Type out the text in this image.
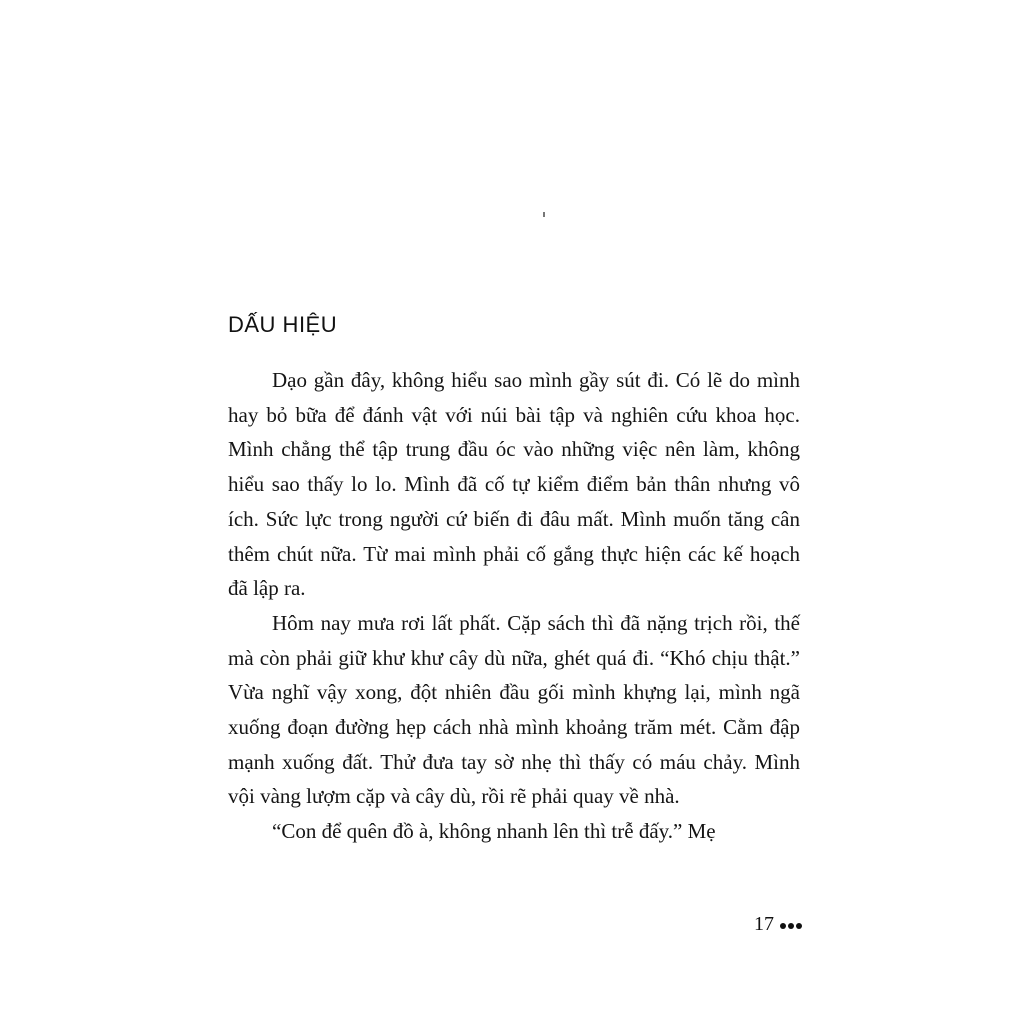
DẤU HIỆU

Dạo gần đây, không hiểu sao mình gầy sút đi. Có lẽ do mình hay bỏ bữa để đánh vật với núi bài tập và nghiên cứu khoa học. Mình chẳng thể tập trung đầu óc vào những việc nên làm, không hiểu sao thấy lo lo. Mình đã cố tự kiểm điểm bản thân nhưng vô ích. Sức lực trong người cứ biến đi đâu mất. Mình muốn tăng cân thêm chút nữa. Từ mai mình phải cố gắng thực hiện các kế hoạch đã lập ra.

Hôm nay mưa rơi lất phất. Cặp sách thì đã nặng trịch rồi, thế mà còn phải giữ khư khư cây dù nữa, ghét quá đi. “Khó chịu thật.” Vừa nghĩ vậy xong, đột nhiên đầu gối mình khựng lại, mình ngã xuống đoạn đường hẹp cách nhà mình khoảng trăm mét. Cằm đập mạnh xuống đất. Thử đưa tay sờ nhẹ thì thấy có máu chảy. Mình vội vàng lượm cặp và cây dù, rồi rẽ phải quay về nhà.

“Con để quên đồ à, không nhanh lên thì trễ đấy.” Mẹ

17
